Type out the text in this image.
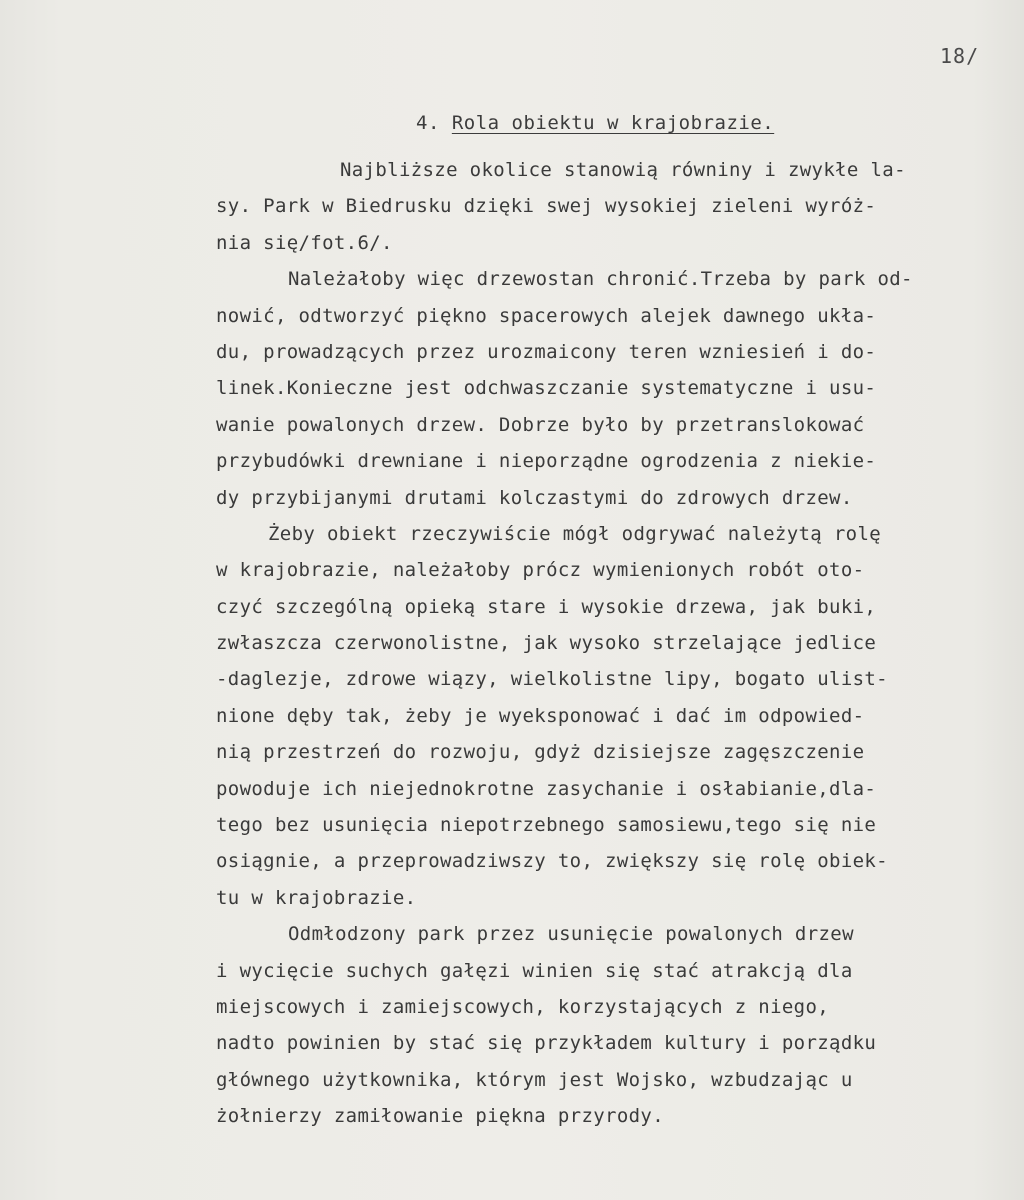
18/
4. Rola obiektu w krajobrazie.
Najbliższe okolice stanowią równiny i zwykłe la-
sy. Park w Biedrusku dzięki swej wysokiej zieleni wyróż-
nia się/fot.6/.
Należałoby więc drzewostan chronić.Trzeba by park od-
nowić, odtworzyć piękno spacerowych alejek dawnego ukła-
du, prowadzących przez urozmaicony teren wzniesień i do-
linek.Konieczne jest odchwaszczanie systematyczne i usu-
wanie powalonych drzew. Dobrze było by przetranslokować
przybudówki drewniane i nieporządne ogrodzenia z niekie-
dy przybijanymi drutami kolczastymi do zdrowych drzew.
Żeby obiekt rzeczywiście mógł odgrywać należytą rolę
w krajobrazie, należałoby prócz wymienionych robót oto-
czyć szczególną opieką stare i wysokie drzewa, jak buki,
zwłaszcza czerwonolistne, jak wysoko strzelające jedlice
-daglezje, zdrowe wiązy, wielkolistne lipy, bogato ulist-
nione dęby tak, żeby je wyeksponować i dać im odpowied-
nią przestrzeń do rozwoju, gdyż dzisiejsze zagęszczenie
powoduje ich niejednokrotne zasychanie i osłabianie,dla-
tego bez usunięcia niepotrzebnego samosiewu,tego się nie
osiągnie, a przeprowadziwszy to, zwiększy się rolę obiek-
tu w krajobrazie.
Odmłodzony park przez usunięcie powalonych drzew
i wycięcie suchych gałęzi winien się stać atrakcją dla
miejscowych i zamiejscowych, korzystających z niego,
nadto powinien by stać się przykładem kultury i porządku
głównego użytkownika, którym jest Wojsko, wzbudzając u
żołnierzy zamiłowanie piękna przyrody.
